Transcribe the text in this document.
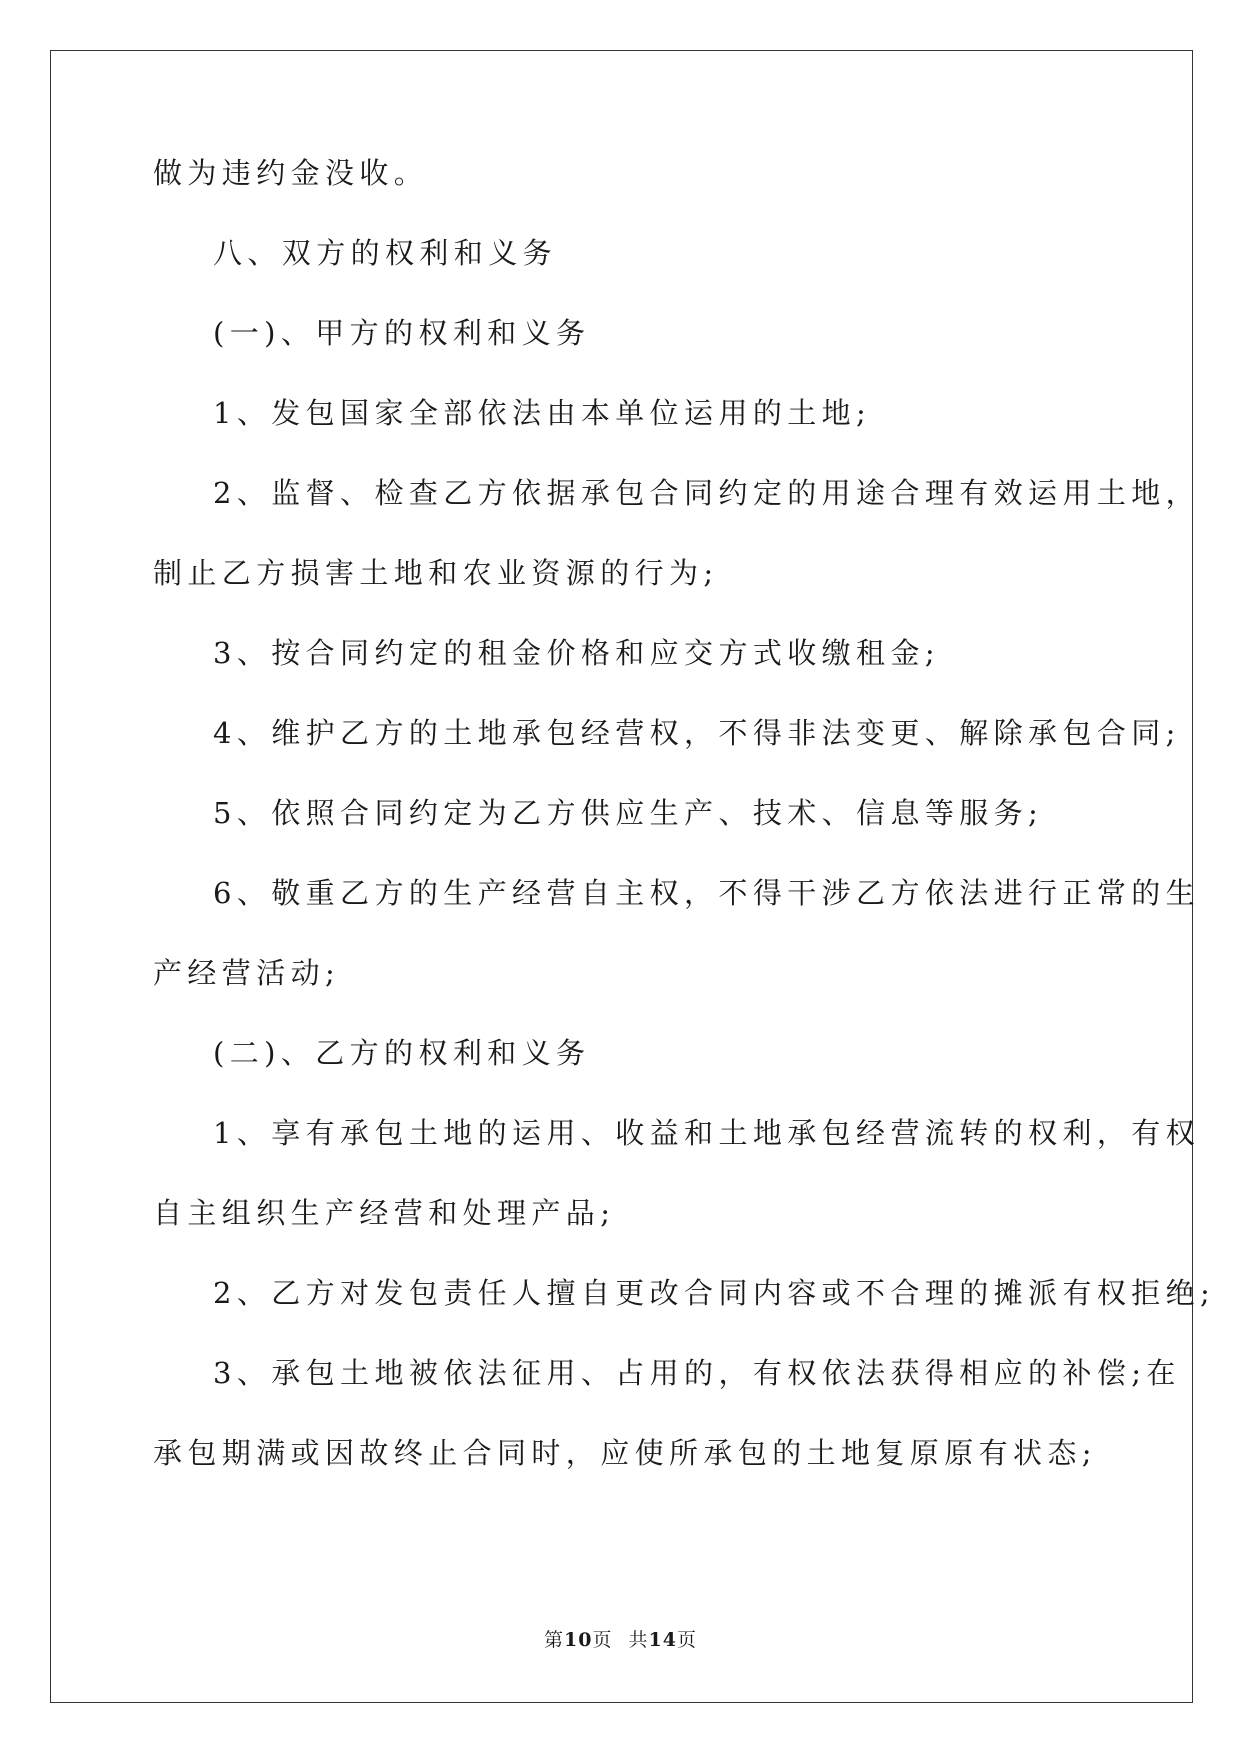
做为违约金没收。

八、双方的权利和义务

(一)、甲方的权利和义务

1、发包国家全部依法由本单位运用的土地;

2、监督、检查乙方依据承包合同约定的用途合理有效运用土地，

制止乙方损害土地和农业资源的行为;

3、按合同约定的租金价格和应交方式收缴租金;

4、维护乙方的土地承包经营权，不得非法变更、解除承包合同;

5、依照合同约定为乙方供应生产、技术、信息等服务;

6、敬重乙方的生产经营自主权，不得干涉乙方依法进行正常的生

产经营活动;

(二)、乙方的权利和义务

1、享有承包土地的运用、收益和土地承包经营流转的权利，有权

自主组织生产经营和处理产品;

2、乙方对发包责任人擅自更改合同内容或不合理的摊派有权拒绝;

3、承包土地被依法征用、占用的，有权依法获得相应的补偿;在

承包期满或因故终止合同时，应使所承包的土地复原原有状态;

第10页 共14页
